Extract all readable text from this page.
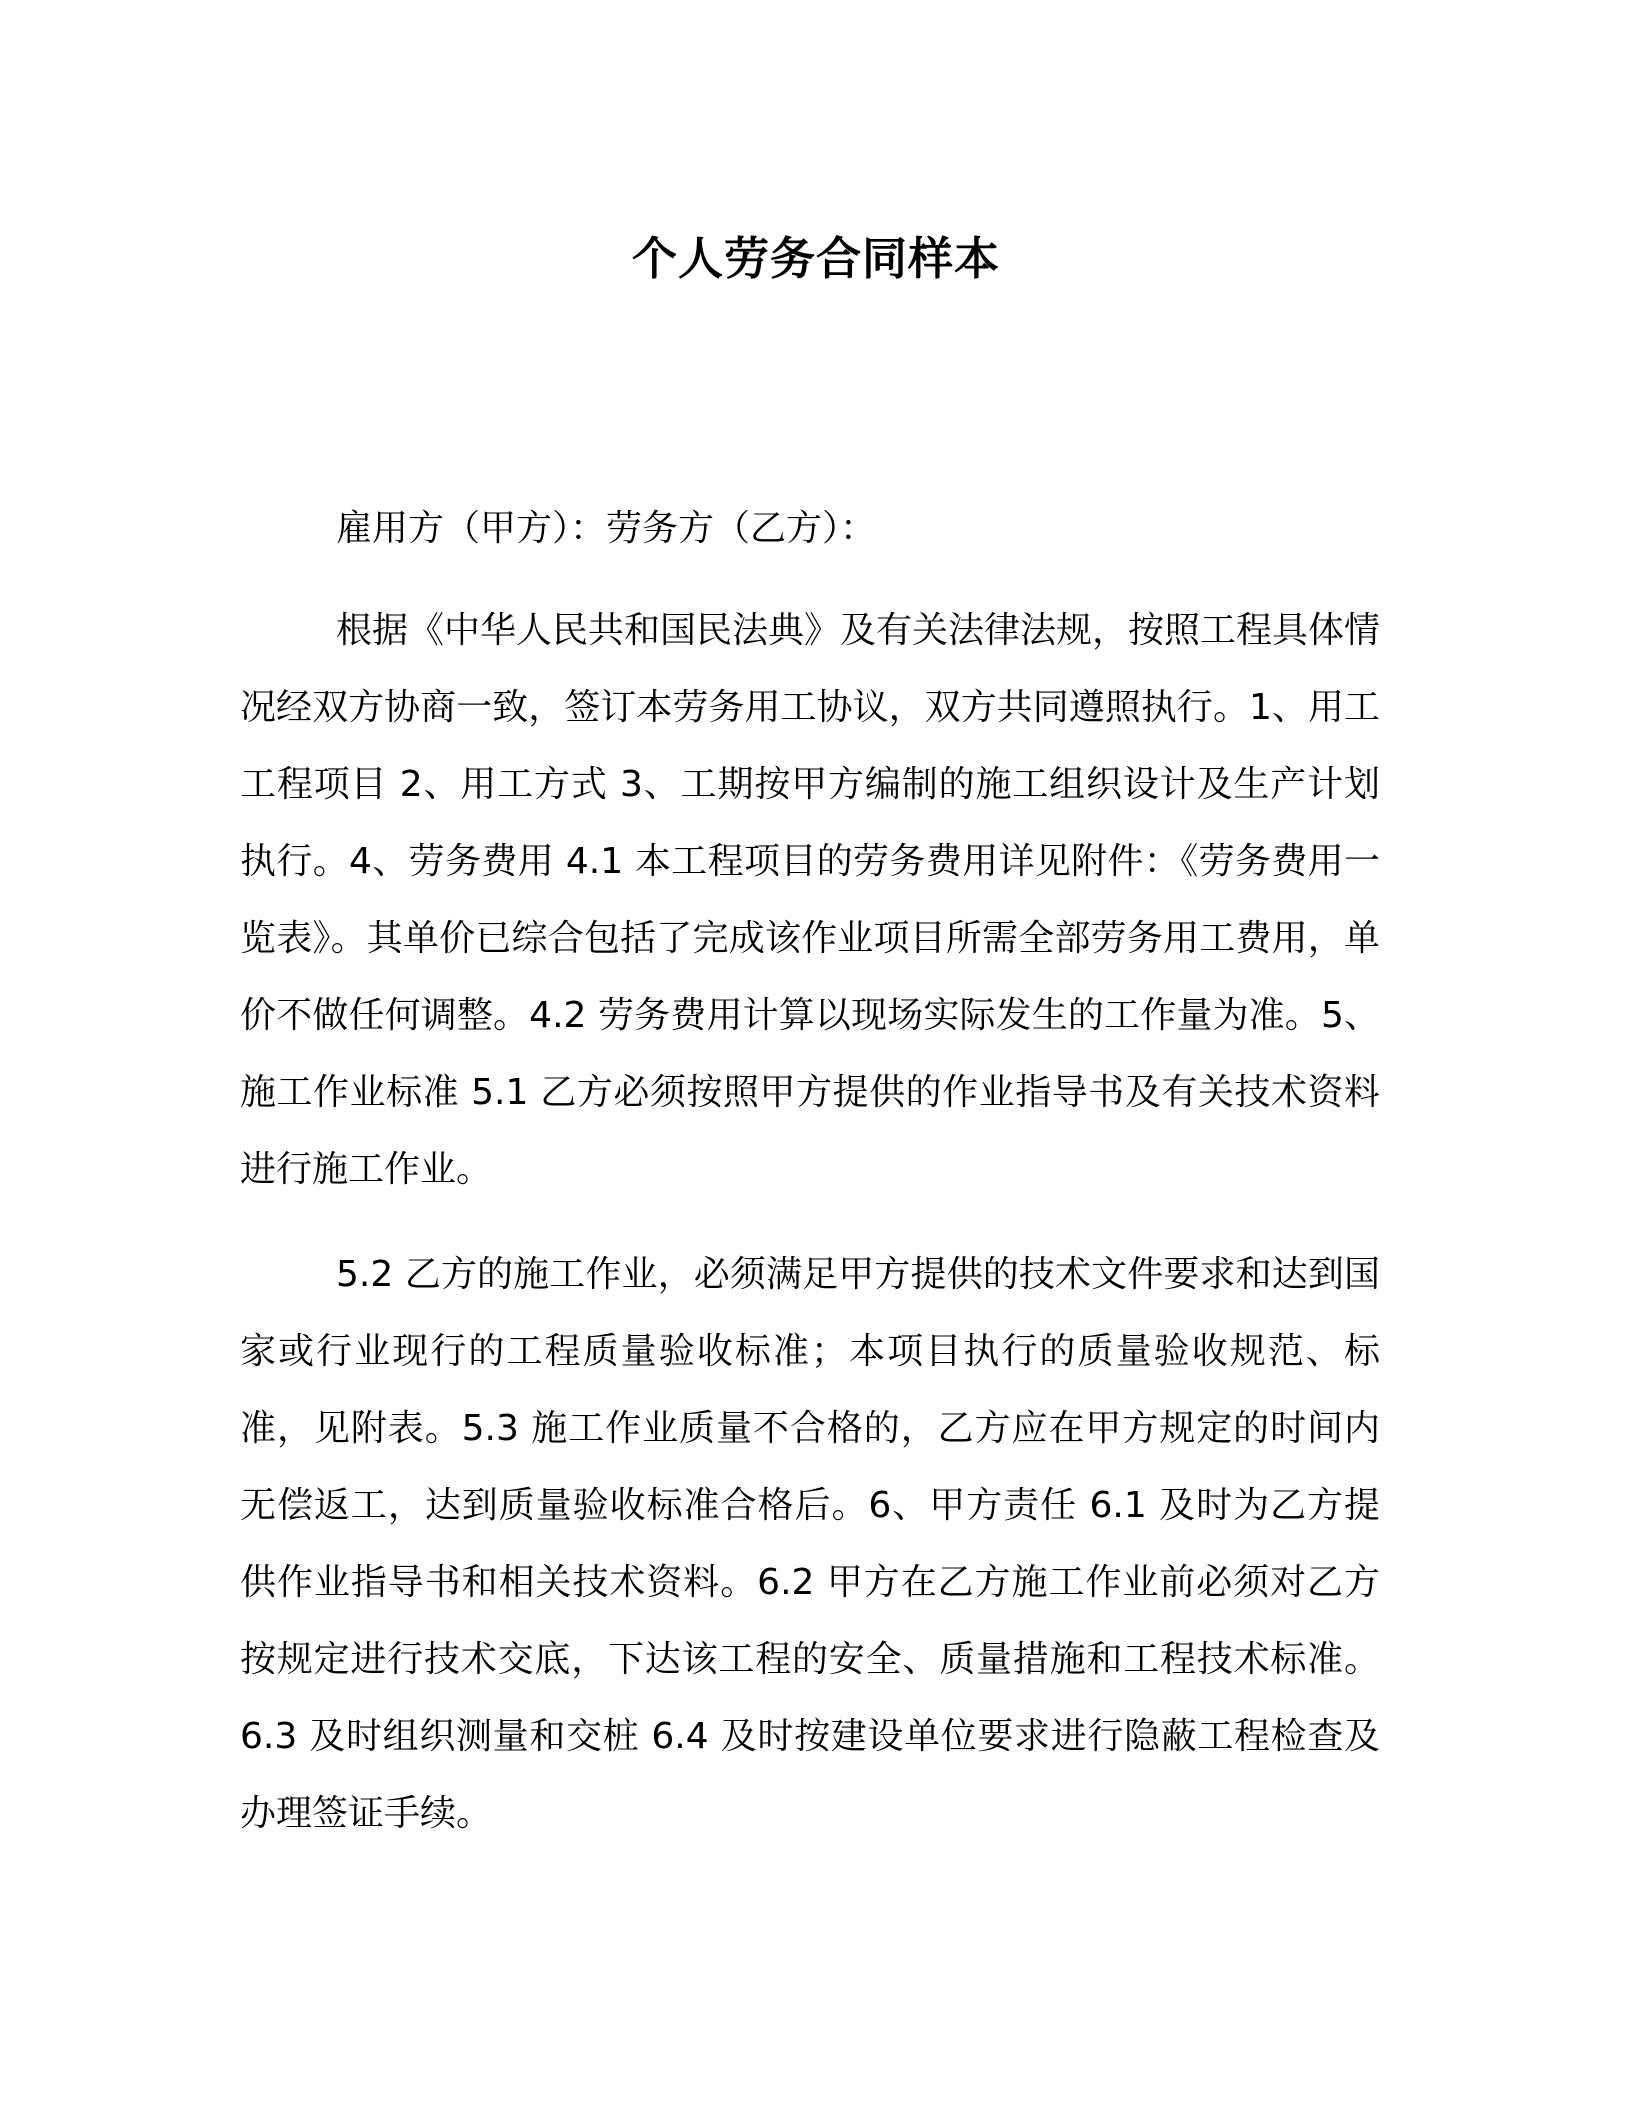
个人劳务合同样本

雇用方（甲方）：劳务方（乙方）：

根据《中华人民共和国民法典》及有关法律法规，按照工程具体情况经双方协商一致，签订本劳务用工协议，双方共同遵照执行。1、用工工程项目 2、用工方式 3、工期按甲方编制的施工组织设计及生产计划执行。4、劳务费用 4.1 本工程项目的劳务费用详见附件：《劳务费用一览表》。其单价已综合包括了完成该作业项目所需全部劳务用工费用，单价不做任何调整。4.2 劳务费用计算以现场实际发生的工作量为准。5、施工作业标准 5.1 乙方必须按照甲方提供的作业指导书及有关技术资料进行施工作业。

5.2 乙方的施工作业，必须满足甲方提供的技术文件要求和达到国家或行业现行的工程质量验收标准；本项目执行的质量验收规范、标准，见附表。5.3 施工作业质量不合格的，乙方应在甲方规定的时间内无偿返工，达到质量验收标准合格后。6、甲方责任 6.1 及时为乙方提供作业指导书和相关技术资料。6.2 甲方在乙方施工作业前必须对乙方按规定进行技术交底，下达该工程的安全、质量措施和工程技术标准。6.3 及时组织测量和交桩 6.4 及时按建设单位要求进行隐蔽工程检查及办理签证手续。
